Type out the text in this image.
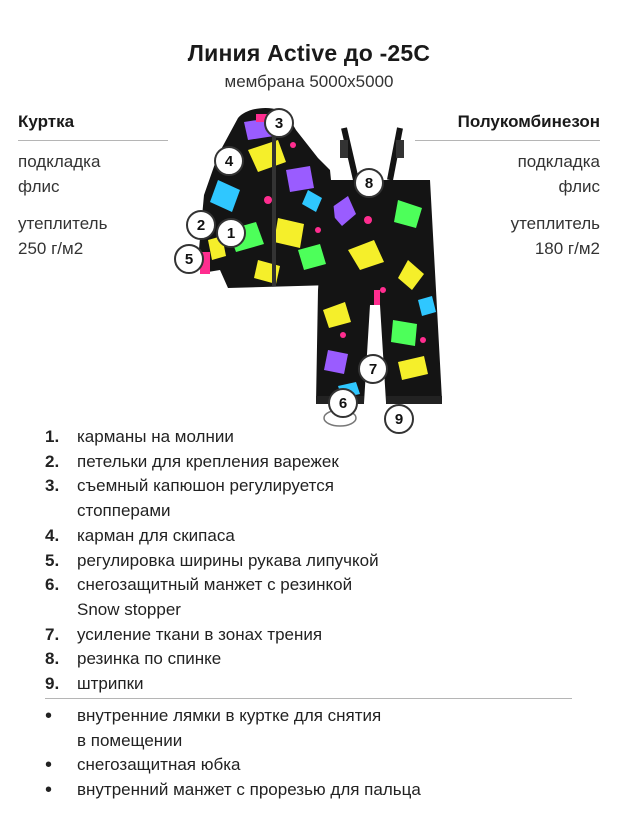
Линия Active до -25С
мембрана 5000х5000
Куртка
подкладка
флис
утеплитель
250 г/м2
Полукомбинезон
подкладка
флис
утеплитель
180 г/м2
3
4
8
2	1
5
7
6
9
1.	карманы на молнии
2.	петельки для крепления варежек
3.	съемный капюшон регулируется
стопперами
4.	карман для скипаса
5.	регулировка ширины рукава липучкой
6.	снегозащитный манжет с резинкой
Snow stopper
7.	усиление ткани в зонах трения
8.	резинка по спинке
9.	штрипки
•	внутренние лямки в куртке для снятия
в помещении
•	снегозащитная юбка
•	внутренний манжет с прорезью для пальца
